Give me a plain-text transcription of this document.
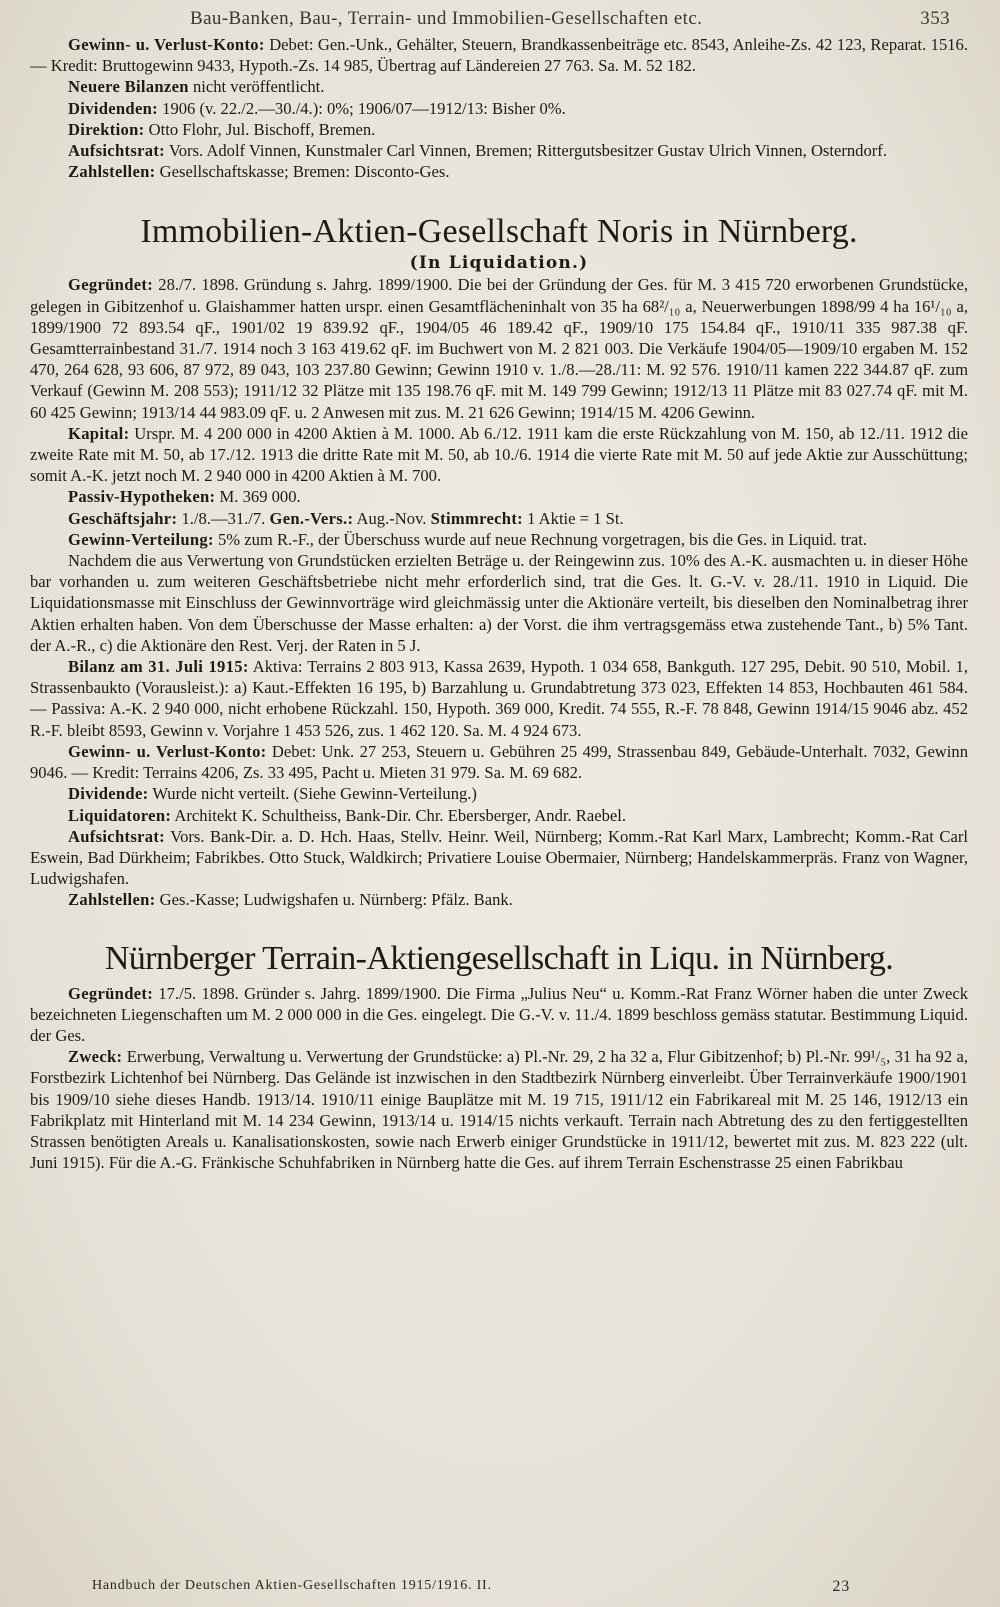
Bau-Banken, Bau-, Terrain- und Immobilien-Gesellschaften etc.	353

Gewinn- u. Verlust-Konto: Debet: Gen.-Unk., Gehälter, Steuern, Brandkassenbeiträge etc. 8543, Anleihe-Zs. 42 123, Reparat. 1516. — Kredit: Bruttogewinn 9433, Hypoth.-Zs. 14 985, Übertrag auf Ländereien 27 763. Sa. M. 52 182.

Neuere Bilanzen nicht veröffentlicht.

Dividenden: 1906 (v. 22./2.—30./4.): 0%; 1906/07—1912/13: Bisher 0%.

Direktion: Otto Flohr, Jul. Bischoff, Bremen.

Aufsichtsrat: Vors. Adolf Vinnen, Kunstmaler Carl Vinnen, Bremen; Rittergutsbesitzer Gustav Ulrich Vinnen, Osterndorf.

Zahlstellen: Gesellschaftskasse; Bremen: Disconto-Ges.

Immobilien-Aktien-Gesellschaft Noris in Nürnberg.
(In Liquidation.)

Gegründet: 28./7. 1898. Gründung s. Jahrg. 1899/1900. Die bei der Gründung der Ges. für M. 3 415 720 erworbenen Grundstücke, gelegen in Gibitzenhof u. Glaishammer hatten urspr. einen Gesamtflächeninhalt von 35 ha 68²/₁₀ a, Neuerwerbungen 1898/99 4 ha 16¹/₁₀ a, 1899/1900 72 893.54 qF., 1901/02 19 839.92 qF., 1904/05 46 189.42 qF., 1909/10 175 154.84 qF., 1910/11 335 987.38 qF. Gesamtterrainbestand 31./7. 1914 noch 3 163 419.62 qF. im Buchwert von M. 2 821 003. Die Verkäufe 1904/05—1909/10 ergaben M. 152 470, 264 628, 93 606, 87 972, 89 043, 103 237.80 Gewinn; Gewinn 1910 v. 1./8.—28./11: M. 92 576. 1910/11 kamen 222 344.87 qF. zum Verkauf (Gewinn M. 208 553); 1911/12 32 Plätze mit 135 198.76 qF. mit M. 149 799 Gewinn; 1912/13 11 Plätze mit 83 027.74 qF. mit M. 60 425 Gewinn; 1913/14 44 983.09 qF. u. 2 Anwesen mit zus. M. 21 626 Gewinn; 1914/15 M. 4206 Gewinn.

Kapital: Urspr. M. 4 200 000 in 4200 Aktien à M. 1000. Ab 6./12. 1911 kam die erste Rückzahlung von M. 150, ab 12./11. 1912 die zweite Rate mit M. 50, ab 17./12. 1913 die dritte Rate mit M. 50, ab 10./6. 1914 die vierte Rate mit M. 50 auf jede Aktie zur Ausschüttung; somit A.-K. jetzt noch M. 2 940 000 in 4200 Aktien à M. 700.

Passiv-Hypotheken: M. 369 000.

Geschäftsjahr: 1./8.—31./7. Gen.-Vers.: Aug.-Nov. Stimmrecht: 1 Aktie = 1 St.

Gewinn-Verteilung: 5% zum R.-F., der Überschuss wurde auf neue Rechnung vorgetragen, bis die Ges. in Liquid. trat.

Nachdem die aus Verwertung von Grundstücken erzielten Beträge u. der Reingewinn zus. 10% des A.-K. ausmachten u. in dieser Höhe bar vorhanden u. zum weiteren Geschäftsbetriebe nicht mehr erforderlich sind, trat die Ges. lt. G.-V. v. 28./11. 1910 in Liquid. Die Liquidationsmasse mit Einschluss der Gewinnvorträge wird gleichmässig unter die Aktionäre verteilt, bis dieselben den Nominalbetrag ihrer Aktien erhalten haben. Von dem Überschusse der Masse erhalten: a) der Vorst. die ihm vertragsgemäss etwa zustehende Tant., b) 5% Tant. der A.-R., c) die Aktionäre den Rest. Verj. der Raten in 5 J.

Bilanz am 31. Juli 1915: Aktiva: Terrains 2 803 913, Kassa 2639, Hypoth. 1 034 658, Bankguth. 127 295, Debit. 90 510, Mobil. 1, Strassenbaukto (Vorausleist.): a) Kaut.-Effekten 16 195, b) Barzahlung u. Grundabtretung 373 023, Effekten 14 853, Hochbauten 461 584. — Passiva: A.-K. 2 940 000, nicht erhobene Rückzahl. 150, Hypoth. 369 000, Kredit. 74 555, R.-F. 78 848, Gewinn 1914/15 9046 abz. 452 R.-F. bleibt 8593, Gewinn v. Vorjahre 1 453 526, zus. 1 462 120. Sa. M. 4 924 673.

Gewinn- u. Verlust-Konto: Debet: Unk. 27 253, Steuern u. Gebühren 25 499, Strassenbau 849, Gebäude-Unterhalt. 7032, Gewinn 9046. — Kredit: Terrains 4206, Zs. 33 495, Pacht u. Mieten 31 979. Sa. M. 69 682.

Dividende: Wurde nicht verteilt. (Siehe Gewinn-Verteilung.)

Liquidatoren: Architekt K. Schultheiss, Bank-Dir. Chr. Ebersberger, Andr. Raebel.

Aufsichtsrat: Vors. Bank-Dir. a. D. Hch. Haas, Stellv. Heinr. Weil, Nürnberg; Komm.-Rat Karl Marx, Lambrecht; Komm.-Rat Carl Eswein, Bad Dürkheim; Fabrikbes. Otto Stuck, Waldkirch; Privatiere Louise Obermaier, Nürnberg; Handelskammerpräs. Franz von Wagner, Ludwigshafen.

Zahlstellen: Ges.-Kasse; Ludwigshafen u. Nürnberg: Pfälz. Bank.

Nürnberger Terrain-Aktiengesellschaft in Liqu. in Nürnberg.

Gegründet: 17./5. 1898. Gründer s. Jahrg. 1899/1900. Die Firma „Julius Neu“ u. Komm.-Rat Franz Wörner haben die unter Zweck bezeichneten Liegenschaften um M. 2 000 000 in die Ges. eingelegt. Die G.-V. v. 11./4. 1899 beschloss gemäss statutar. Bestimmung Liquid. der Ges.

Zweck: Erwerbung, Verwaltung u. Verwertung der Grundstücke: a) Pl.-Nr. 29, 2 ha 32 a, Flur Gibitzenhof; b) Pl.-Nr. 99¹/₅, 31 ha 92 a, Forstbezirk Lichtenhof bei Nürnberg. Das Gelände ist inzwischen in den Stadtbezirk Nürnberg einverleibt. Über Terrainverkäufe 1900/1901 bis 1909/10 siehe dieses Handb. 1913/14. 1910/11 einige Bauplätze mit M. 19 715, 1911/12 ein Fabrikareal mit M. 25 146, 1912/13 ein Fabrikplatz mit Hinterland mit M. 14 234 Gewinn, 1913/14 u. 1914/15 nichts verkauft. Terrain nach Abtretung des zu den fertiggestellten Strassen benötigten Areals u. Kanalisationskosten, sowie nach Erwerb einiger Grundstücke in 1911/12, bewertet mit zus. M. 823 222 (ult. Juni 1915). Für die A.-G. Fränkische Schuhfabriken in Nürnberg hatte die Ges. auf ihrem Terrain Eschenstrasse 25 einen Fabrikbau

Handbuch der Deutschen Aktien-Gesellschaften 1915/1916. II.	23
